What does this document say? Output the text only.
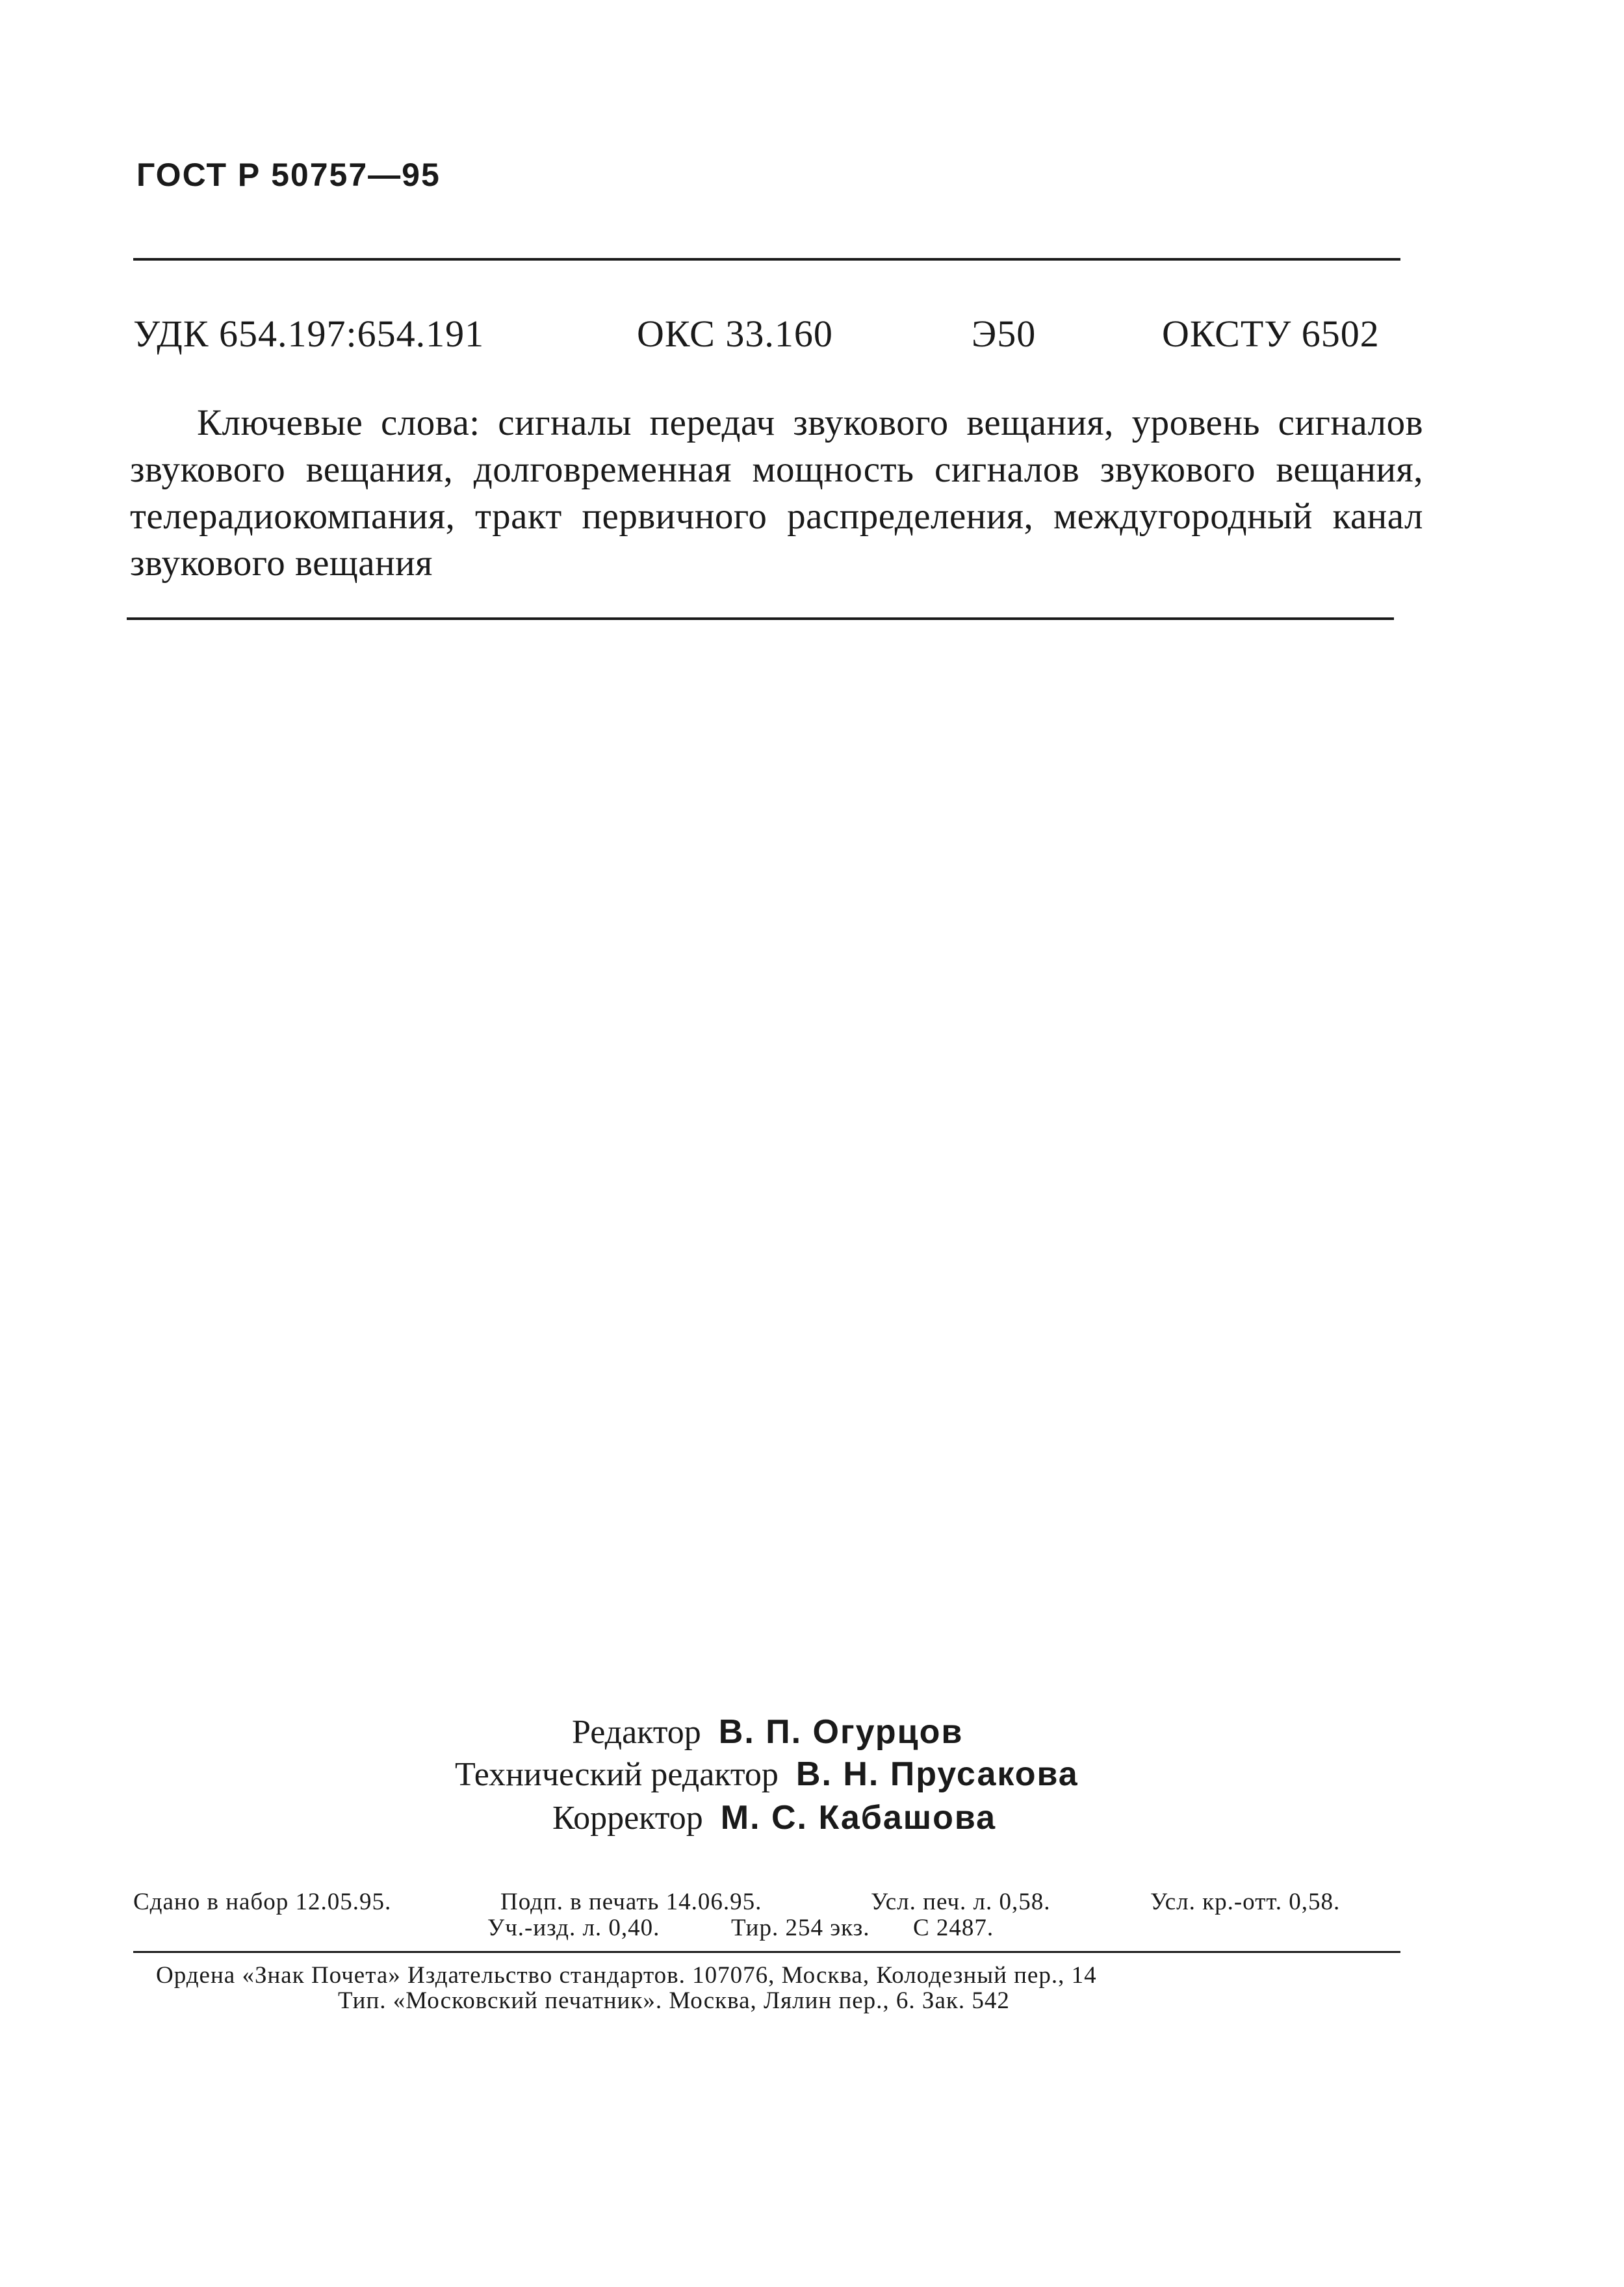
ГОСТ Р 50757—95
УДК 654.197:654.191	ОКС 33.160	Э50	ОКСТУ 6502
Ключевые слова: сигналы передач звукового вещания, уровень сигналов звукового вещания, долговременная мощность сигналов звукового вещания, телерадиокомпания, тракт первичного распределения, междугородный канал звукового вещания
Редактор В. П. Огурцов
Технический редактор В. Н. Прусакова
Корректор М. С. Кабашова
Сдано в набор 12.05.95.	Подп. в печать 14.06.95.	Усл. печ. л. 0,58.	Усл. кр.-отт. 0,58.
Уч.-изд. л. 0,40.	Тир. 254 экз. С 2487.
Ордена «Знак Почета» Издательство стандартов. 107076, Москва, Колодезный пер., 14
Тип. «Московский печатник». Москва, Лялин пер., 6. Зак. 542
